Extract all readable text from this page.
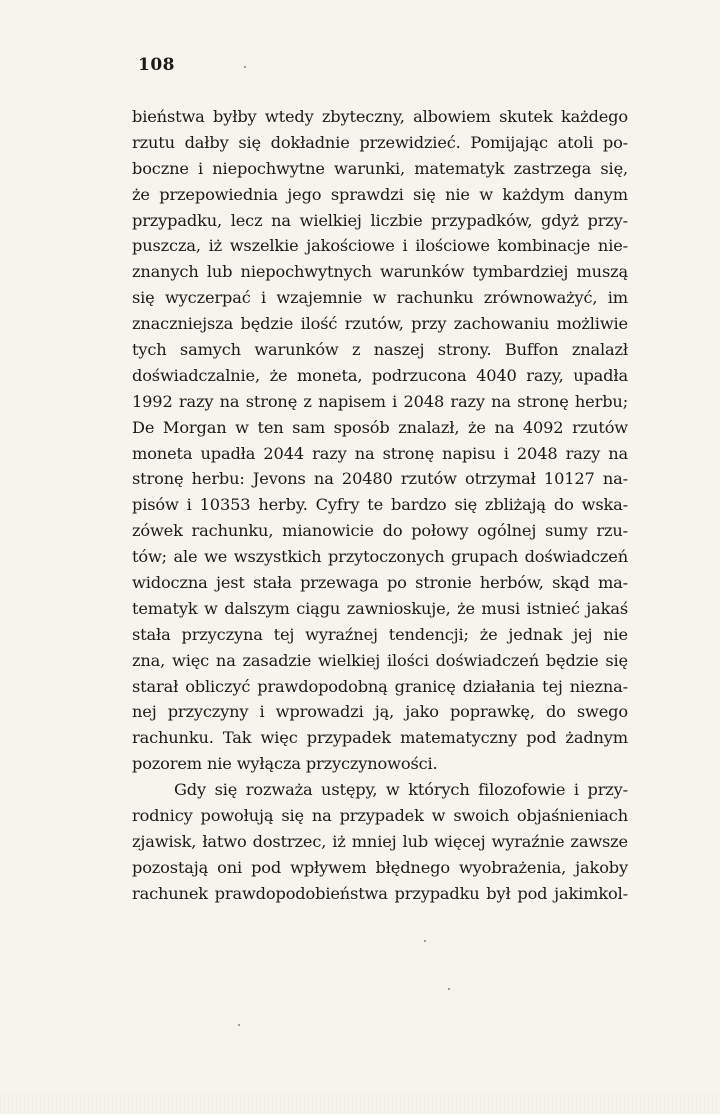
108
bieństwa byłby wtedy zbyteczny, albowiem skutek każdego
rzutu dałby się dokładnie przewidzieć. Pomijając atoli po-
boczne i niepochwytne warunki, matematyk zastrzega się,
że przepowiednia jego sprawdzi się nie w każdym danym
przypadku, lecz na wielkiej liczbie przypadków, gdyż przy-
puszcza, iż wszelkie jakościowe i ilościowe kombinacje nie-
znanych lub niepochwytnych warunków tymbardziej muszą
się wyczerpać i wzajemnie w rachunku zrównoważyć, im
znaczniejsza będzie ilość rzutów, przy zachowaniu możliwie
tych samych warunków z naszej strony. Buffon znalazł
doświadczalnie, że moneta, podrzucona 4040 razy, upadła
1992 razy na stronę z napisem i 2048 razy na stronę herbu;
De Morgan w ten sam sposób znalazł, że na 4092 rzutów
moneta upadła 2044 razy na stronę napisu i 2048 razy na
stronę herbu: Jevons na 20480 rzutów otrzymał 10127 na-
pisów i 10353 herby. Cyfry te bardzo się zbliżają do wska-
zówek rachunku, mianowicie do połowy ogólnej sumy rzu-
tów; ale we wszystkich przytoczonych grupach doświadczeń
widoczna jest stała przewaga po stronie herbów, skąd ma-
tematyk w dalszym ciągu zawnioskuje, że musi istnieć jakaś
stała przyczyna tej wyraźnej tendencji; że jednak jej nie
zna, więc na zasadzie wielkiej ilości doświadczeń będzie się
starał obliczyć prawdopodobną granicę działania tej niezna-
nej przyczyny i wprowadzi ją, jako poprawkę, do swego
rachunku. Tak więc przypadek matematyczny pod żadnym
pozorem nie wyłącza przyczynowości.
Gdy się rozważa ustępy, w których filozofowie i przy-
rodnicy powołują się na przypadek w swoich objaśnieniach
zjawisk, łatwo dostrzec, iż mniej lub więcej wyraźnie zawsze
pozostają oni pod wpływem błędnego wyobrażenia, jakoby
rachunek prawdopodobieństwa przypadku był pod jakimkol-
